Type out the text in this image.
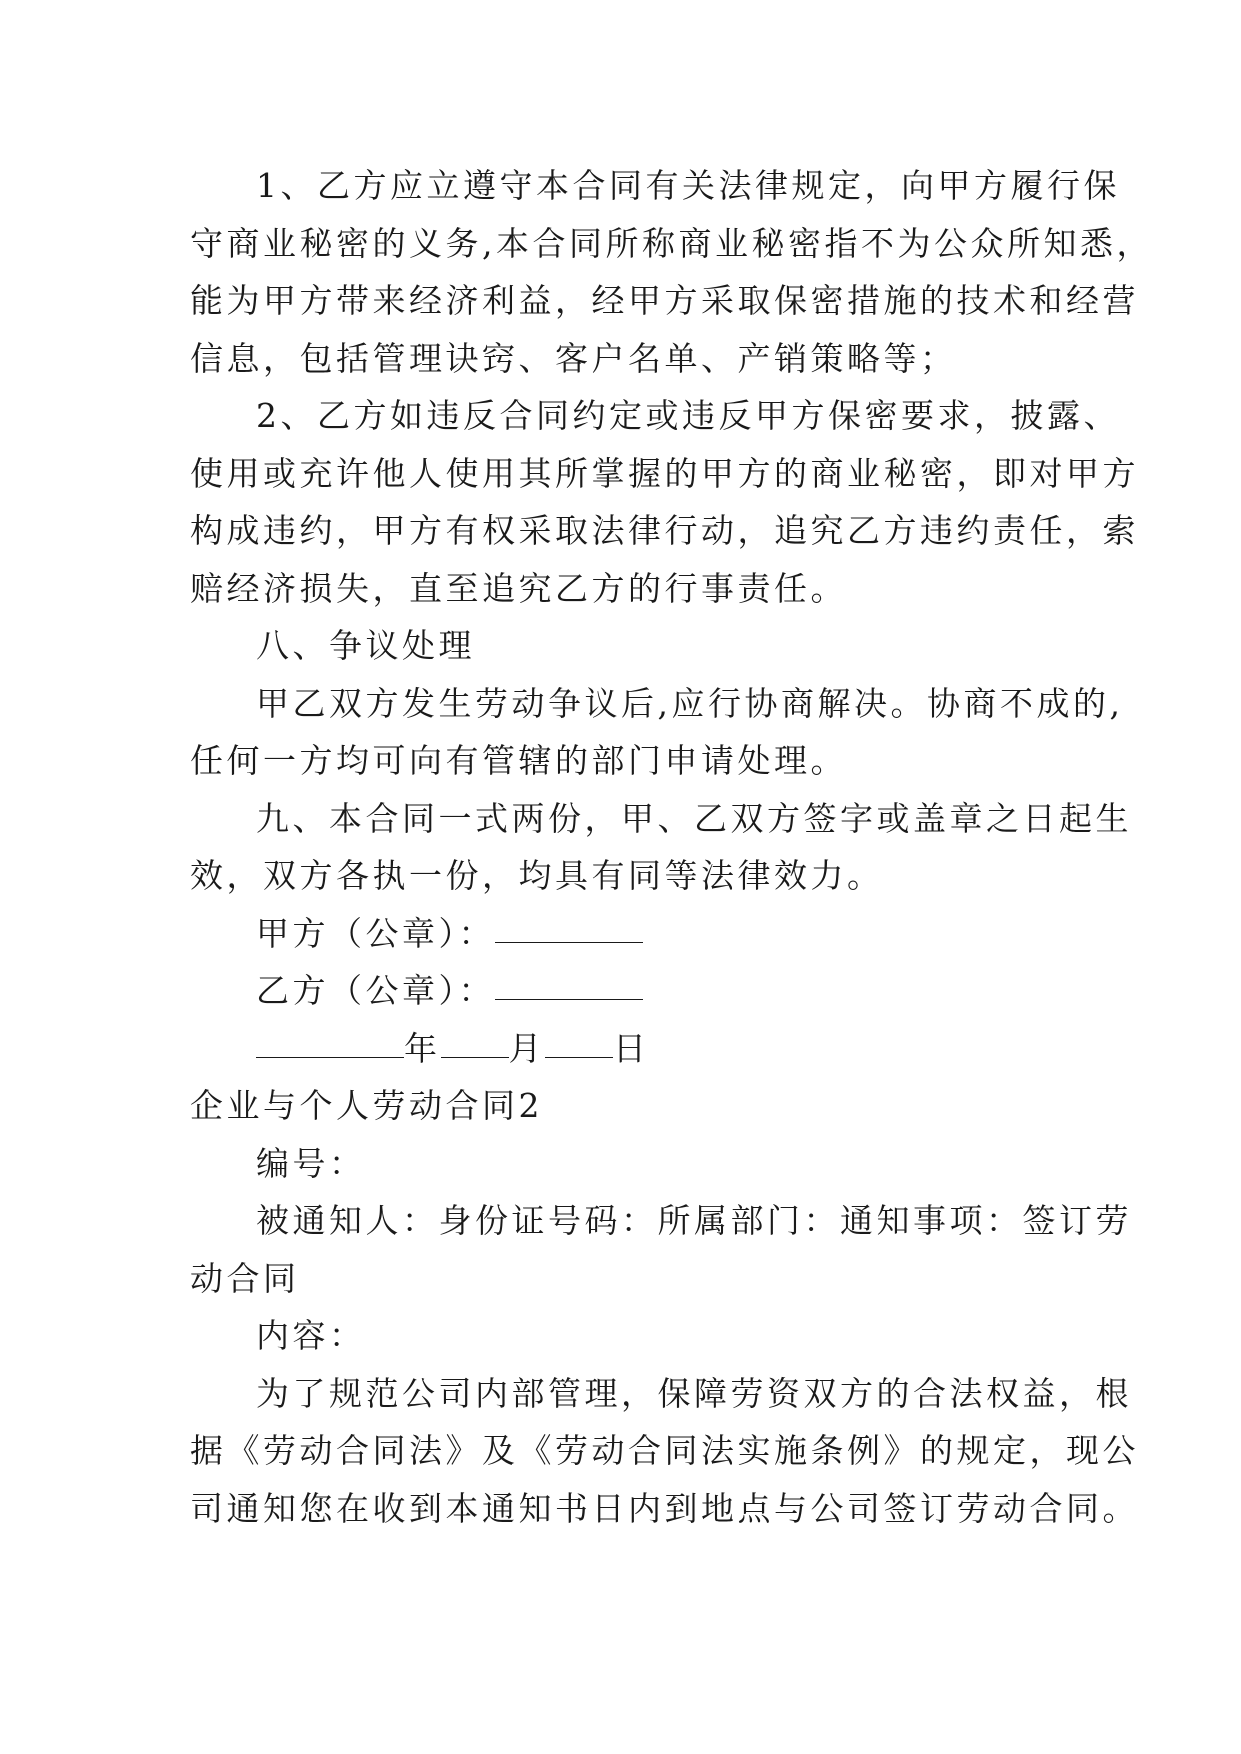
1、乙方应立遵守本合同有关法律规定，向甲方履行保
守商业秘密的义务,本合同所称商业秘密指不为公众所知悉，
能为甲方带来经济利益，经甲方采取保密措施的技术和经营
信息，包括管理诀窍、客户名单、产销策略等；
2、乙方如违反合同约定或违反甲方保密要求，披露、
使用或充许他人使用其所掌握的甲方的商业秘密，即对甲方
构成违约，甲方有权采取法律行动，追究乙方违约责任，索
赔经济损失，直至追究乙方的行事责任。
八、争议处理
甲乙双方发生劳动争议后,应行协商解决。协商不成的,
任何一方均可向有管辖的部门申请处理。
九、本合同一式两份，甲、乙双方签字或盖章之日起生
效，双方各执一份，均具有同等法律效力。
甲方（公章）：
乙方（公章）：
年 月 日
企业与个人劳动合同2
编号：
被通知人：身份证号码：所属部门：通知事项：签订劳
动合同
内容：
为了规范公司内部管理，保障劳资双方的合法权益，根
据《劳动合同法》及《劳动合同法实施条例》的规定，现公
司通知您在收到本通知书日内到地点与公司签订劳动合同。
